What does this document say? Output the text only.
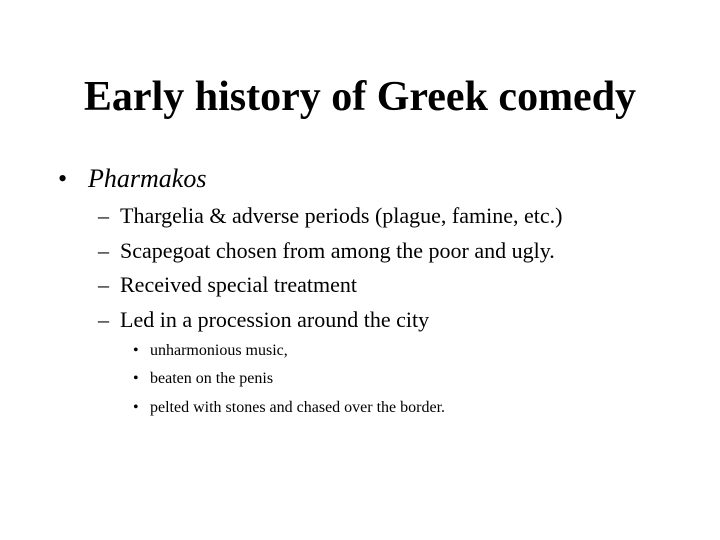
Early history of Greek comedy
• Pharmakos
– Thargelia & adverse periods (plague, famine, etc.)
– Scapegoat chosen from among the poor and ugly.
– Received special treatment
– Led in a procession around the city
• unharmonious music,
• beaten on the penis
• pelted with stones and chased over the border.
